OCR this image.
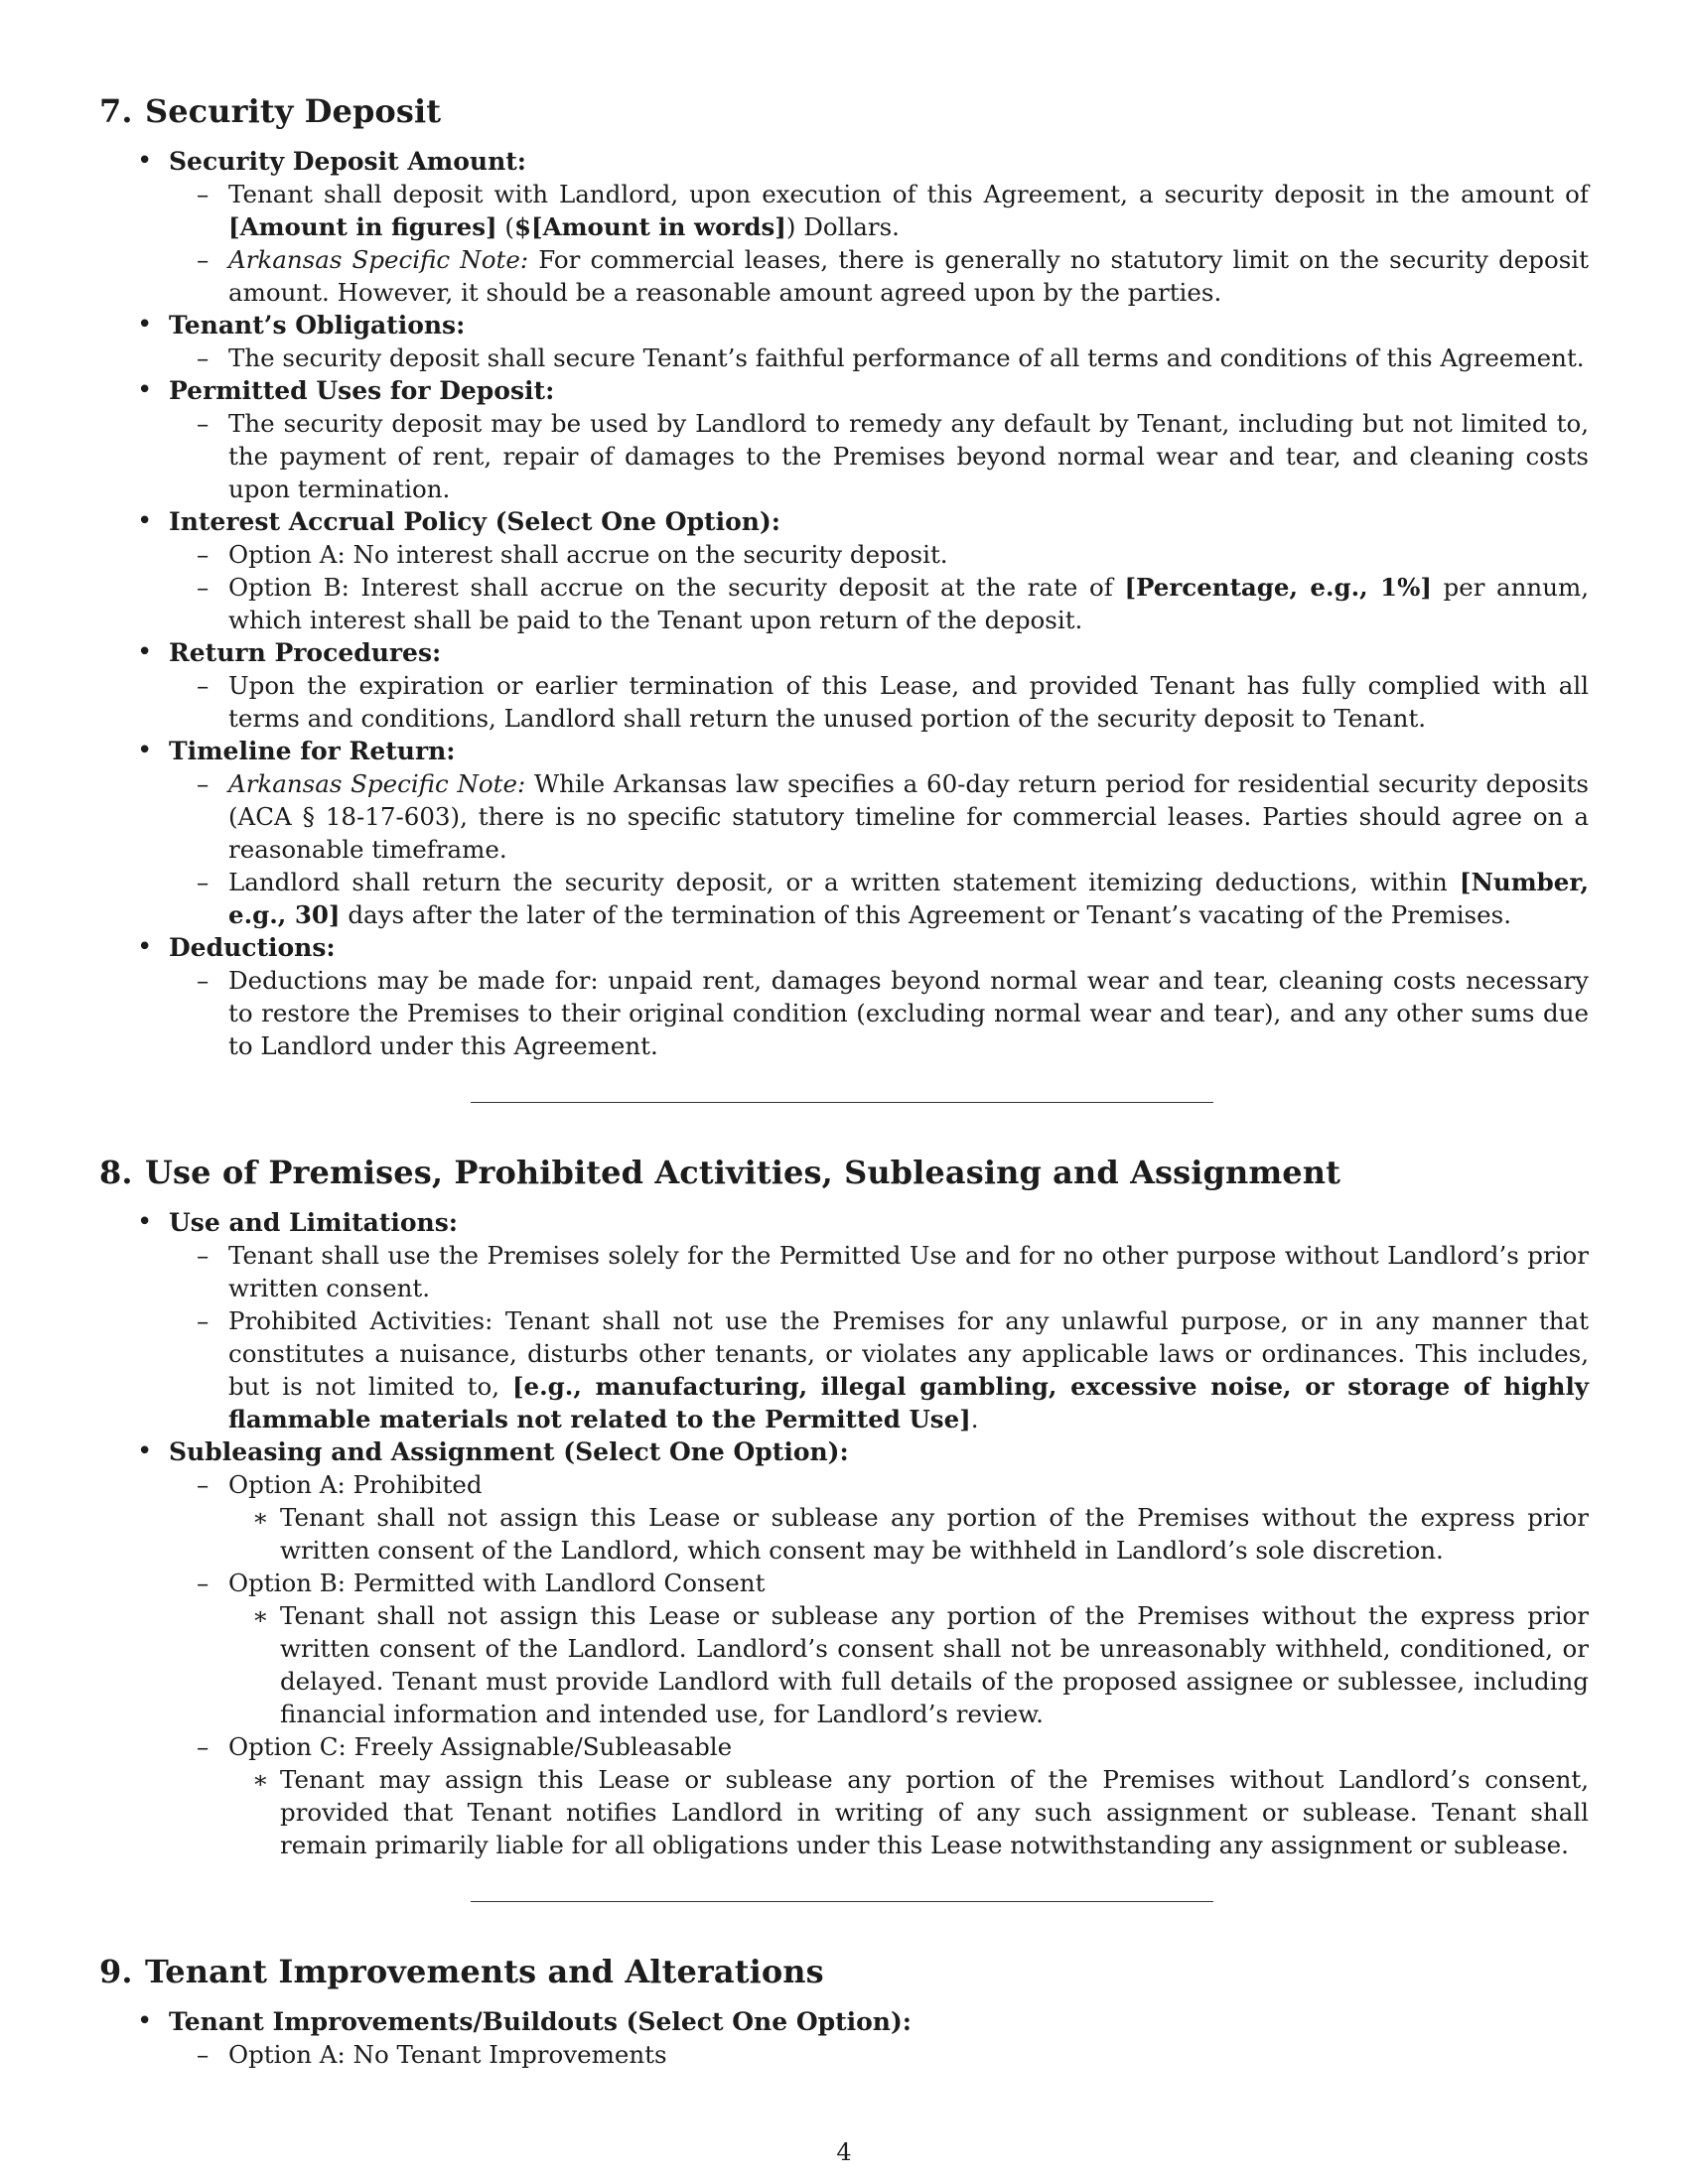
7. Security Deposit
• Security Deposit Amount:
– Tenant shall deposit with Landlord, upon execution of this Agreement, a security deposit in the amount of [Amount in figures] ($[Amount in words]) Dollars.
– Arkansas Specific Note: For commercial leases, there is generally no statutory limit on the security deposit amount. However, it should be a reasonable amount agreed upon by the parties.
• Tenant’s Obligations:
– The security deposit shall secure Tenant’s faithful performance of all terms and conditions of this Agreement.
• Permitted Uses for Deposit:
– The security deposit may be used by Landlord to remedy any default by Tenant, including but not limited to, the payment of rent, repair of damages to the Premises beyond normal wear and tear, and cleaning costs upon termination.
• Interest Accrual Policy (Select One Option):
– Option A: No interest shall accrue on the security deposit.
– Option B: Interest shall accrue on the security deposit at the rate of [Percentage, e.g., 1%] per annum, which interest shall be paid to the Tenant upon return of the deposit.
• Return Procedures:
– Upon the expiration or earlier termination of this Lease, and provided Tenant has fully complied with all terms and conditions, Landlord shall return the unused portion of the security deposit to Tenant.
• Timeline for Return:
– Arkansas Specific Note: While Arkansas law specifies a 60-day return period for residential security deposits (ACA § 18-17-603), there is no specific statutory timeline for commercial leases. Parties should agree on a reasonable timeframe.
– Landlord shall return the security deposit, or a written statement itemizing deductions, within [Number, e.g., 30] days after the later of the termination of this Agreement or Tenant’s vacating of the Premises.
• Deductions:
– Deductions may be made for: unpaid rent, damages beyond normal wear and tear, cleaning costs necessary to restore the Premises to their original condition (excluding normal wear and tear), and any other sums due to Landlord under this Agreement.
8. Use of Premises, Prohibited Activities, Subleasing and Assignment
• Use and Limitations:
– Tenant shall use the Premises solely for the Permitted Use and for no other purpose without Landlord’s prior written consent.
– Prohibited Activities: Tenant shall not use the Premises for any unlawful purpose, or in any manner that constitutes a nuisance, disturbs other tenants, or violates any applicable laws or ordinances. This includes, but is not limited to, [e.g., manufacturing, illegal gambling, excessive noise, or storage of highly flammable materials not related to the Permitted Use].
• Subleasing and Assignment (Select One Option):
– Option A: Prohibited
∗ Tenant shall not assign this Lease or sublease any portion of the Premises without the express prior written consent of the Landlord, which consent may be withheld in Landlord’s sole discretion.
– Option B: Permitted with Landlord Consent
∗ Tenant shall not assign this Lease or sublease any portion of the Premises without the express prior written consent of the Landlord. Landlord’s consent shall not be unreasonably withheld, conditioned, or delayed. Tenant must provide Landlord with full details of the proposed assignee or sublessee, including financial information and intended use, for Landlord’s review.
– Option C: Freely Assignable/Subleasable
∗ Tenant may assign this Lease or sublease any portion of the Premises without Landlord’s consent, provided that Tenant notifies Landlord in writing of any such assignment or sublease. Tenant shall remain primarily liable for all obligations under this Lease notwithstanding any assignment or sublease.
9. Tenant Improvements and Alterations
• Tenant Improvements/Buildouts (Select One Option):
– Option A: No Tenant Improvements
4
